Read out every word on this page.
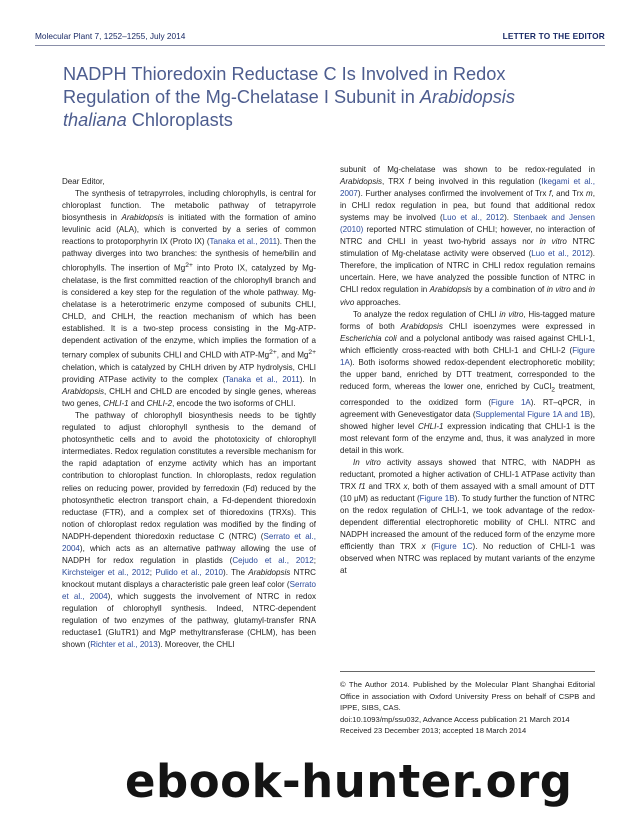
Molecular Plant 7, 1252–1255, July 2014	LETTER TO THE EDITOR

NADPH Thioredoxin Reductase C Is Involved in Redox

Regulation of the Mg-Chelatase I Subunit in Arabidopsis

thaliana Chloroplasts

Dear Editor,

The synthesis of tetrapyrroles, including chlorophylls, is central for chloroplast function. The metabolic pathway of tetrapyrrole biosynthesis in Arabidopsis is initiated with the formation of amino levulinic acid (ALA), which is converted by a series of common reactions to protoporphyrin IX (Proto IX) (Tanaka et al., 2011). Then the pathway diverges into two branches: the synthesis of heme/bilin and chlorophylls. The insertion of $Mg^{2+}$ into Proto IX, catalyzed by Mg-chelatase, is the first committed reaction of the chlorophyll branch and is considered a key step for the regulation of the whole pathway. Mg-chelatase is a heterotrimeric enzyme composed of subunits CHLI, CHLD, and CHLH, the reaction mechanism of which has been established. It is a two-step process consisting in the Mg-ATP-dependent activation of the enzyme, which implies the formation of a ternary complex of subunits CHLI and CHLD with ATP-$Mg^{2+}$, and $Mg^{2+}$ chelation, which is catalyzed by CHLH driven by ATP hydrolysis, CHLI providing ATPase activity to the complex (Tanaka et al., 2011). In Arabidopsis, CHLH and CHLD are encoded by single genes, whereas two genes, CHLI-1 and CHLI-2, encode the two isoforms of CHLI.

The pathway of chlorophyll biosynthesis needs to be tightly regulated to adjust chlorophyll synthesis to the demand of photosynthetic cells and to avoid the phototoxicity of chlorophyll intermediates. Redox regulation constitutes a reversible mechanism for the rapid adaptation of enzyme activity which has an important contribution to chloroplast function. In chloroplasts, redox regulation relies on reducing power, provided by ferredoxin (Fd) reduced by the photosynthetic electron transport chain, a Fd-dependent thioredoxin reductase (FTR), and a complex set of thioredoxins (TRXs). This notion of chloroplast redox regulation was modified by the finding of NADPH-dependent thioredoxin reductase C (NTRC) (Serrato et al., 2004), which acts as an alternative pathway allowing the use of NADPH for redox regulation in plastids (Cejudo et al., 2012; Kirchsteiger et al., 2012; Pulido et al., 2010). The Arabidopsis NTRC knockout mutant displays a characteristic pale green leaf color (Serrato et al., 2004), which suggests the involvement of NTRC in redox regulation of chlorophyll synthesis. Indeed, NTRC-dependent regulation of two enzymes of the pathway, glutamyl-transfer RNA reductase1 (GluTR1) and MgP methyltransferase (CHLM), has been shown (Richter et al., 2013). Moreover, the CHLI

subunit of Mg-chelatase was shown to be redox-regulated in Arabidopsis, TRX f being involved in this regulation (Ikegami et al., 2007). Further analyses confirmed the involvement of Trx f, and Trx m, in CHLI redox regulation in pea, but found that additional redox systems may be involved (Luo et al., 2012). Stenbaek and Jensen (2010) reported NTRC stimulation of CHLI; however, no interaction of NTRC and CHLI in yeast two-hybrid assays nor in vitro NTRC stimulation of Mg-chelatase activity were observed (Luo et al., 2012). Therefore, the implication of NTRC in CHLI redox regulation remains uncertain. Here, we have analyzed the possible function of NTRC in CHLI redox regulation in Arabidopsis by a combination of in vitro and in vivo approaches.

To analyze the redox regulation of CHLI in vitro, His-tagged mature forms of both Arabidopsis CHLI isoenzymes were expressed in Escherichia coli and a polyclonal antibody was raised against CHLI-1, which efficiently cross-reacted with both CHLI-1 and CHLI-2 (Figure 1A). Both isoforms showed redox-dependent electrophoretic mobility; the upper band, enriched by DTT treatment, corresponded to the reduced form, whereas the lower one, enriched by CuCl$_2$ treatment, corresponded to the oxidized form (Figure 1A). RT–qPCR, in agreement with Genevestigator data (Supplemental Figure 1A and 1B), showed higher level CHLI-1 expression indicating that CHLI-1 is the most relevant form of the enzyme and, thus, it was analyzed in more detail in this work.

In vitro activity assays showed that NTRC, with NADPH as reductant, promoted a higher activation of CHLI-1 ATPase activity than TRX f1 and TRX x, both of them assayed with a small amount of DTT (10 μM) as reductant (Figure 1B). To study further the function of NTRC on the redox regulation of CHLI-1, we took advantage of the redox-dependent differential electrophoretic mobility of CHLI. NTRC and NADPH increased the amount of the reduced form of the enzyme more efficiently than TRX x (Figure 1C). No reduction of CHLI-1 was observed when NTRC was replaced by mutant variants of the enzyme at

© The Author 2014. Published by the Molecular Plant Shanghai Editorial Office in association with Oxford University Press on behalf of CSPB and IPPE, SIBS, CAS.

doi:10.1093/mp/ssu032, Advance Access publication 21 March 2014

Received 23 December 2013; accepted 18 March 2014

ebook-hunter.org
